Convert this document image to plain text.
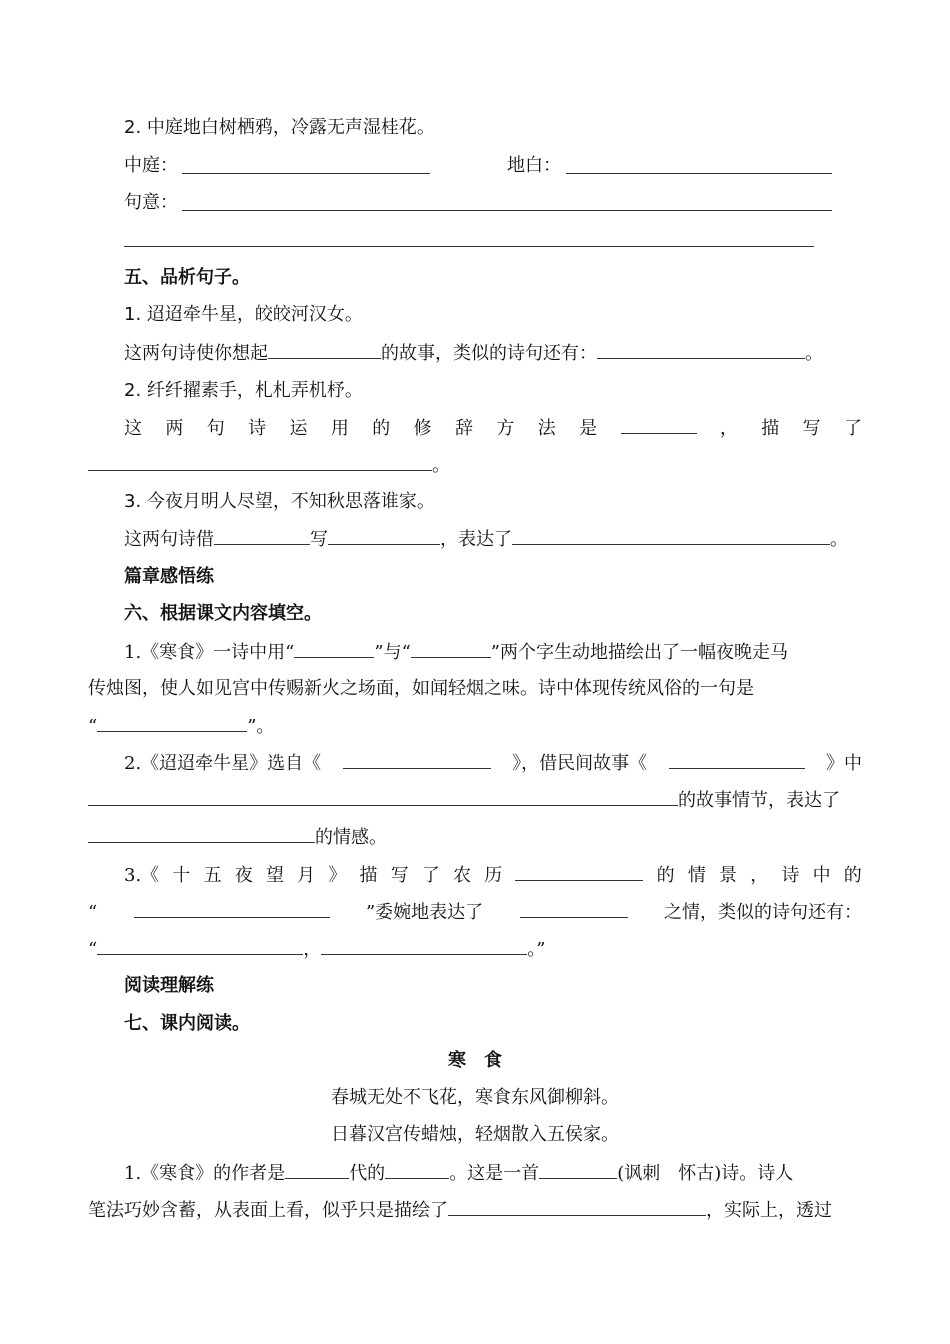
2. 中庭地白树栖鸦，冷露无声湿桂花。
中庭：	地白：
句意：
五、品析句子。
1. 迢迢牵牛星，皎皎河汉女。
这两句诗使你想起	的故事，类似的诗句还有：	。
2. 纤纤擢素手，札札弄机杼。
这 两 句 诗 运 用 的 修 辞 方 法 是	， 描 写 了
。
3. 今夜月明人尽望，不知秋思落谁家。
这两句诗借	写	，表达了	。
篇章感悟练
六、根据课文内容填空。
1.《寒食》一诗中用“	”与“	”两个字生动地描绘出了一幅夜晚走马
传烛图，使人如见宫中传赐新火之场面，如闻轻烟之味。诗中体现传统风俗的一句是
“	”。
2.《迢迢牵牛星》选自《	》，借民间故事《	》中
的故事情节，表达了
的情感。
3.《 十 五 夜 望 月 》 描 写 了 农 历	的 情 景 ， 诗 中 的
“	”委婉地表达了	之情，类似的诗句还有：
“	，	。”
阅读理解练
七、课内阅读。
寒　食
春城无处不飞花，寒食东风御柳斜。
日暮汉宫传蜡烛，轻烟散入五侯家。
1.《寒食》的作者是	代的	。这是一首	(讽刺　怀古)诗。诗人
笔法巧妙含蓄，从表面上看，似乎只是描绘了	，实际上，透过
